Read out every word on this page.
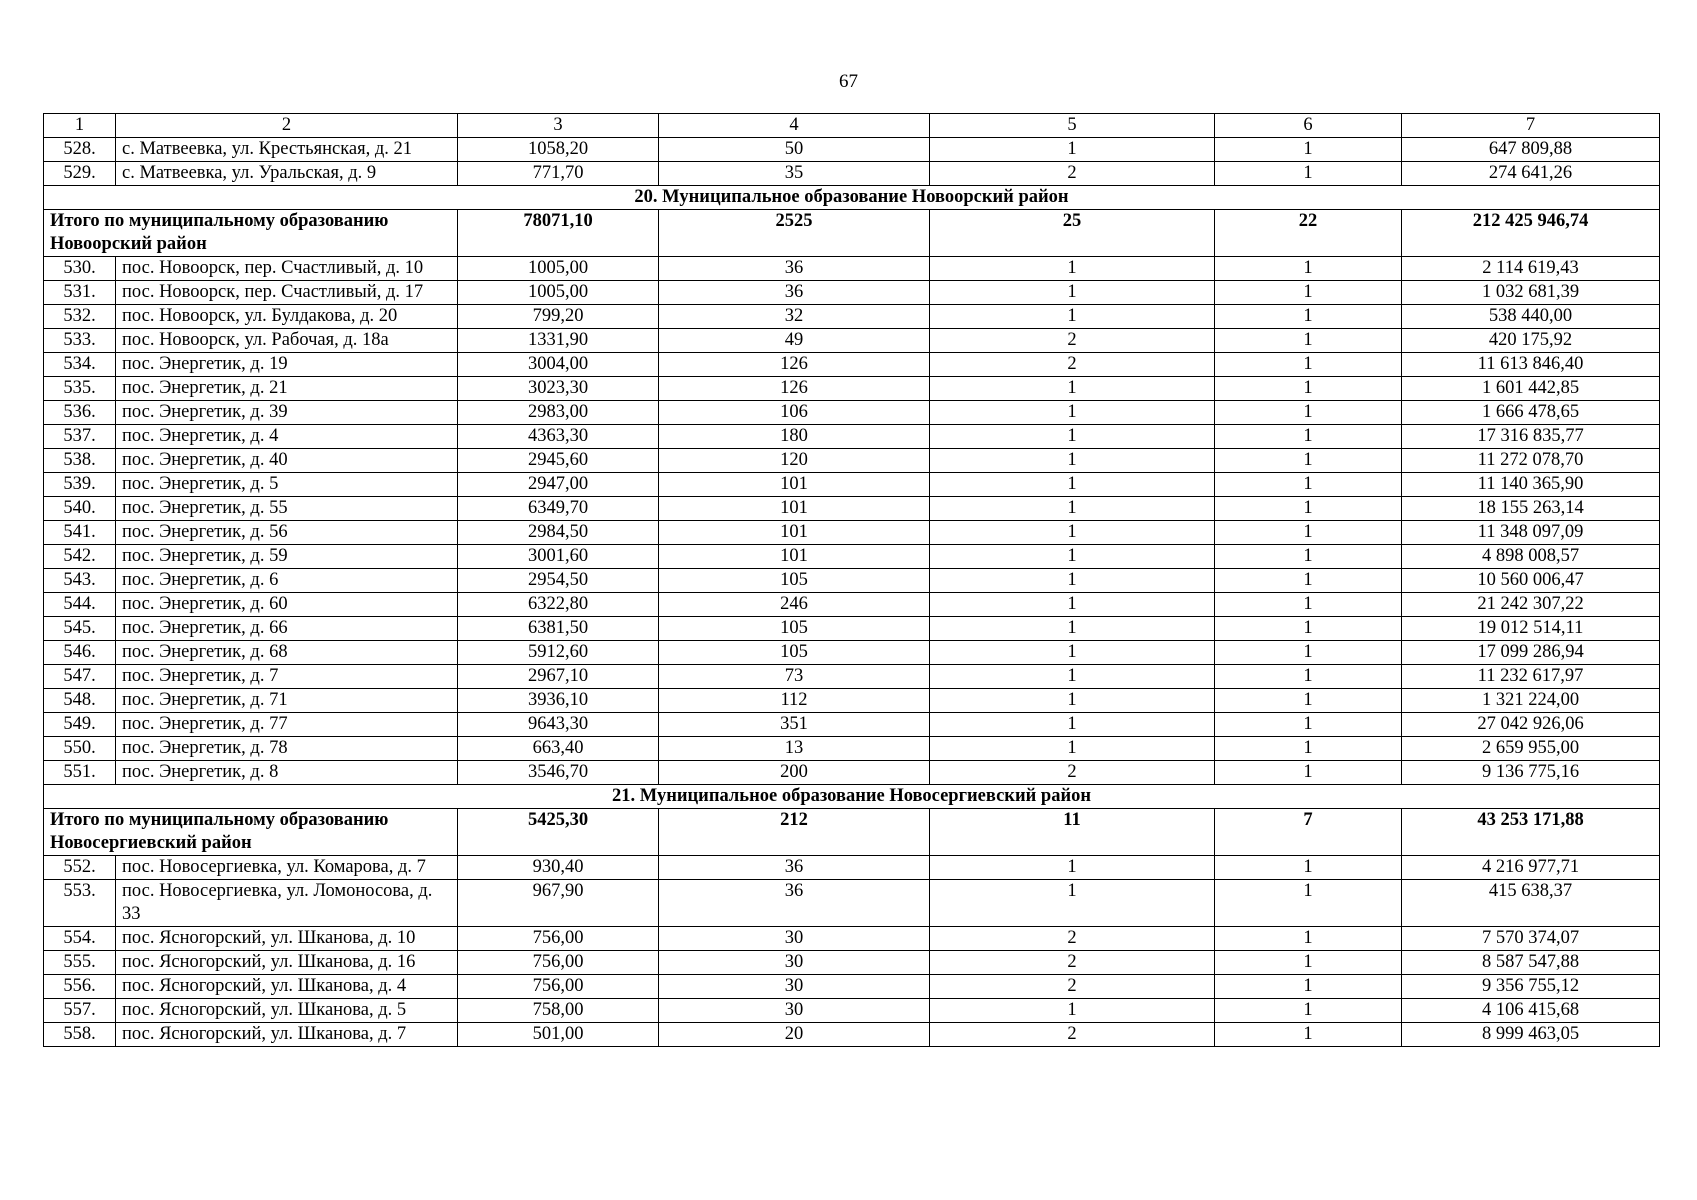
67
1	2	3	4	5	6	7
528.	с. Матвеевка, ул. Крестьянская, д. 21	1058,20	50	1	1	647 809,88
529.	с. Матвеевка, ул. Уральская, д. 9	771,70	35	2	1	274 641,26
20. Муниципальное образование Новоорский район						
Итого по муниципальному образованию Новоорский район		78071,10	2525	25	22	212 425 946,74
530.	пос. Новоорск, пер. Счастливый, д. 10	1005,00	36	1	1	2 114 619,43
531.	пос. Новоорск, пер. Счастливый, д. 17	1005,00	36	1	1	1 032 681,39
532.	пос. Новоорск, ул. Булдакова, д. 20	799,20	32	1	1	538 440,00
533.	пос. Новоорск, ул. Рабочая, д. 18а	1331,90	49	2	1	420 175,92
534.	пос. Энергетик, д. 19	3004,00	126	2	1	11 613 846,40
535.	пос. Энергетик, д. 21	3023,30	126	1	1	1 601 442,85
536.	пос. Энергетик, д. 39	2983,00	106	1	1	1 666 478,65
537.	пос. Энергетик, д. 4	4363,30	180	1	1	17 316 835,77
538.	пос. Энергетик, д. 40	2945,60	120	1	1	11 272 078,70
539.	пос. Энергетик, д. 5	2947,00	101	1	1	11 140 365,90
540.	пос. Энергетик, д. 55	6349,70	101	1	1	18 155 263,14
541.	пос. Энергетик, д. 56	2984,50	101	1	1	11 348 097,09
542.	пос. Энергетик, д. 59	3001,60	101	1	1	4 898 008,57
543.	пос. Энергетик, д. 6	2954,50	105	1	1	10 560 006,47
544.	пос. Энергетик, д. 60	6322,80	246	1	1	21 242 307,22
545.	пос. Энергетик, д. 66	6381,50	105	1	1	19 012 514,11
546.	пос. Энергетик, д. 68	5912,60	105	1	1	17 099 286,94
547.	пос. Энергетик, д. 7	2967,10	73	1	1	11 232 617,97
548.	пос. Энергетик, д. 71	3936,10	112	1	1	1 321 224,00
549.	пос. Энергетик, д. 77	9643,30	351	1	1	27 042 926,06
550.	пос. Энергетик, д. 78	663,40	13	1	1	2 659 955,00
551.	пос. Энергетик, д. 8	3546,70	200	2	1	9 136 775,16
21. Муниципальное образование Новосергиевский район						
Итого по муниципальному образованию Новосергиевский район		5425,30	212	11	7	43 253 171,88
552.	пос. Новосергиевка, ул. Комарова, д. 7	930,40	36	1	1	4 216 977,71
553.	пос. Новосергиевка, ул. Ломоносова, д. 33	967,90	36	1	1	415 638,37
554.	пос. Ясногорский, ул. Шканова, д. 10	756,00	30	2	1	7 570 374,07
555.	пос. Ясногорский, ул. Шканова, д. 16	756,00	30	2	1	8 587 547,88
556.	пос. Ясногорский, ул. Шканова, д. 4	756,00	30	2	1	9 356 755,12
557.	пос. Ясногорский, ул. Шканова, д. 5	758,00	30	1	1	4 106 415,68
558.	пос. Ясногорский, ул. Шканова, д. 7	501,00	20	2	1	8 999 463,05
